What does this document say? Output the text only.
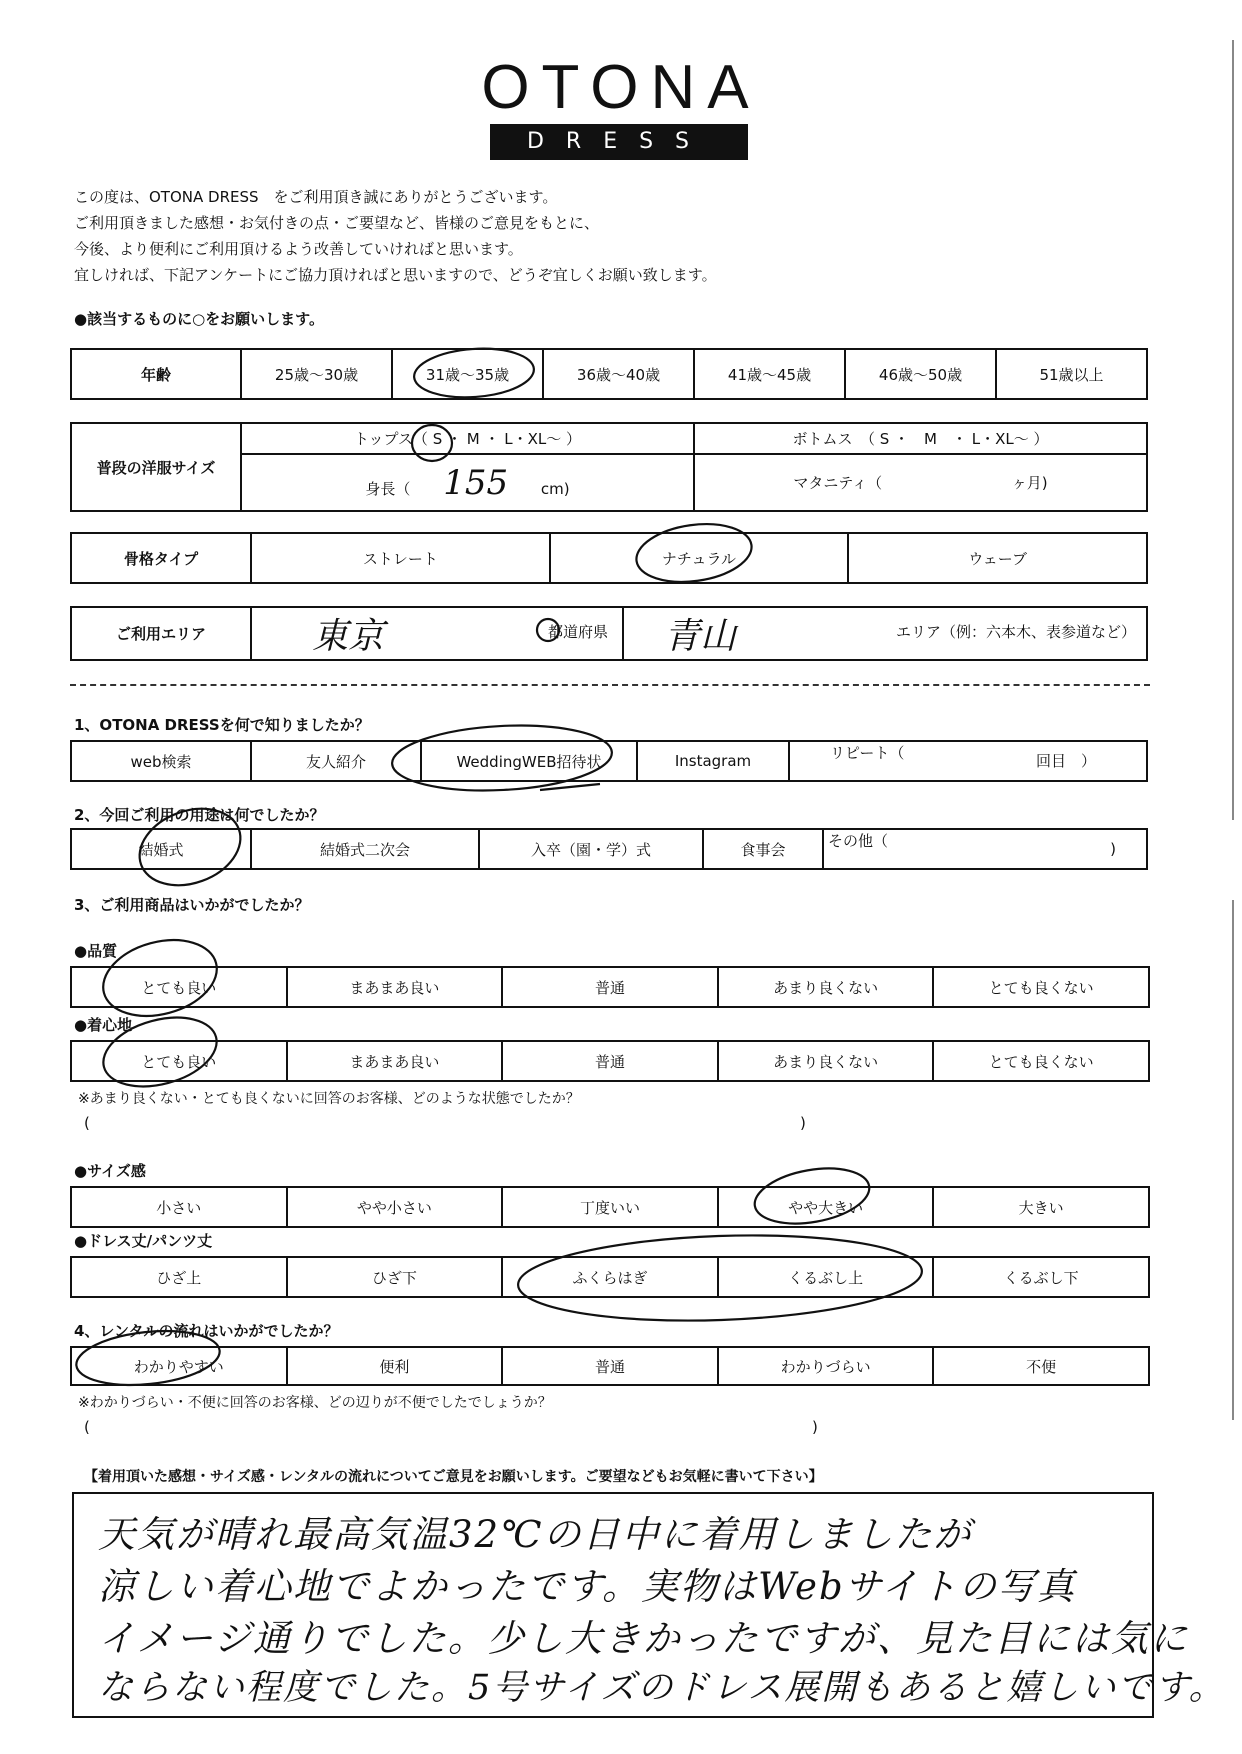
OTONA
DRESS
この度は、OTONA DRESS　をご利用頂き誠にありがとうございます。
ご利用頂きました感想・お気付きの点・ご要望など、皆様のご意見をもとに、
今後、より便利にご利用頂けるよう改善していければと思います。
宜しければ、下記アンケートにご協力頂ければと思いますので、どうぞ宜しくお願い致します。
●該当するものに○をお願いします。
年齢	25歳～30歳	31歳～35歳	36歳～40歳	41歳～45歳	46歳～50歳	51歳以上
普段の洋服サイズ	トップス（ S ・ M ・ L・XL～ ）	ボトムス　（ S ・　M　・ L・XL～ ）
	身長（ 155 cm)	マタニティ（ ヶ月)
骨格タイプ	ストレート	ナチュラル	ウェーブ
ご利用エリア	東京	都道府県	青山	エリア（例：六本木、表参道など）
1、OTONA DRESSを何で知りましたか？
web検索	友人紹介	WeddingWEB招待状	Instagram	リピート（	回目　）
2、今回ご利用の用途は何でしたか？
結婚式	結婚式二次会	入卒（園・学）式	食事会	その他（	)
3、ご利用商品はいかがでしたか？
●品質
とても良い	まあまあ良い	普通	あまり良くない	とても良くない
●着心地
とても良い	まあまあ良い	普通	あまり良くない	とても良くない
※あまり良くない・とても良くないに回答のお客様、どのような状態でしたか？
(	)
●サイズ感
小さい	やや小さい	丁度いい	やや大きい	大きい
●ドレス丈/パンツ丈
ひざ上	ひざ下	ふくらはぎ	くるぶし上	くるぶし下
4、レンタルの流れはいかがでしたか？
わかりやすい	便利	普通	わかりづらい	不便
※わかりづらい・不便に回答のお客様、どの辺りが不便でしたでしょうか？
(	)
【着用頂いた感想・サイズ感・レンタルの流れについてご意見をお願いします。ご要望などもお気軽に書いて下さい】
天気が晴れ最高気温32℃の日中に着用しましたが
涼しい着心地でよかったです。実物はWebサイトの写真
イメージ通りでした。少し大きかったですが、見た目には気に
ならない程度でした。5号サイズのドレス展開もあると嬉しいです。
